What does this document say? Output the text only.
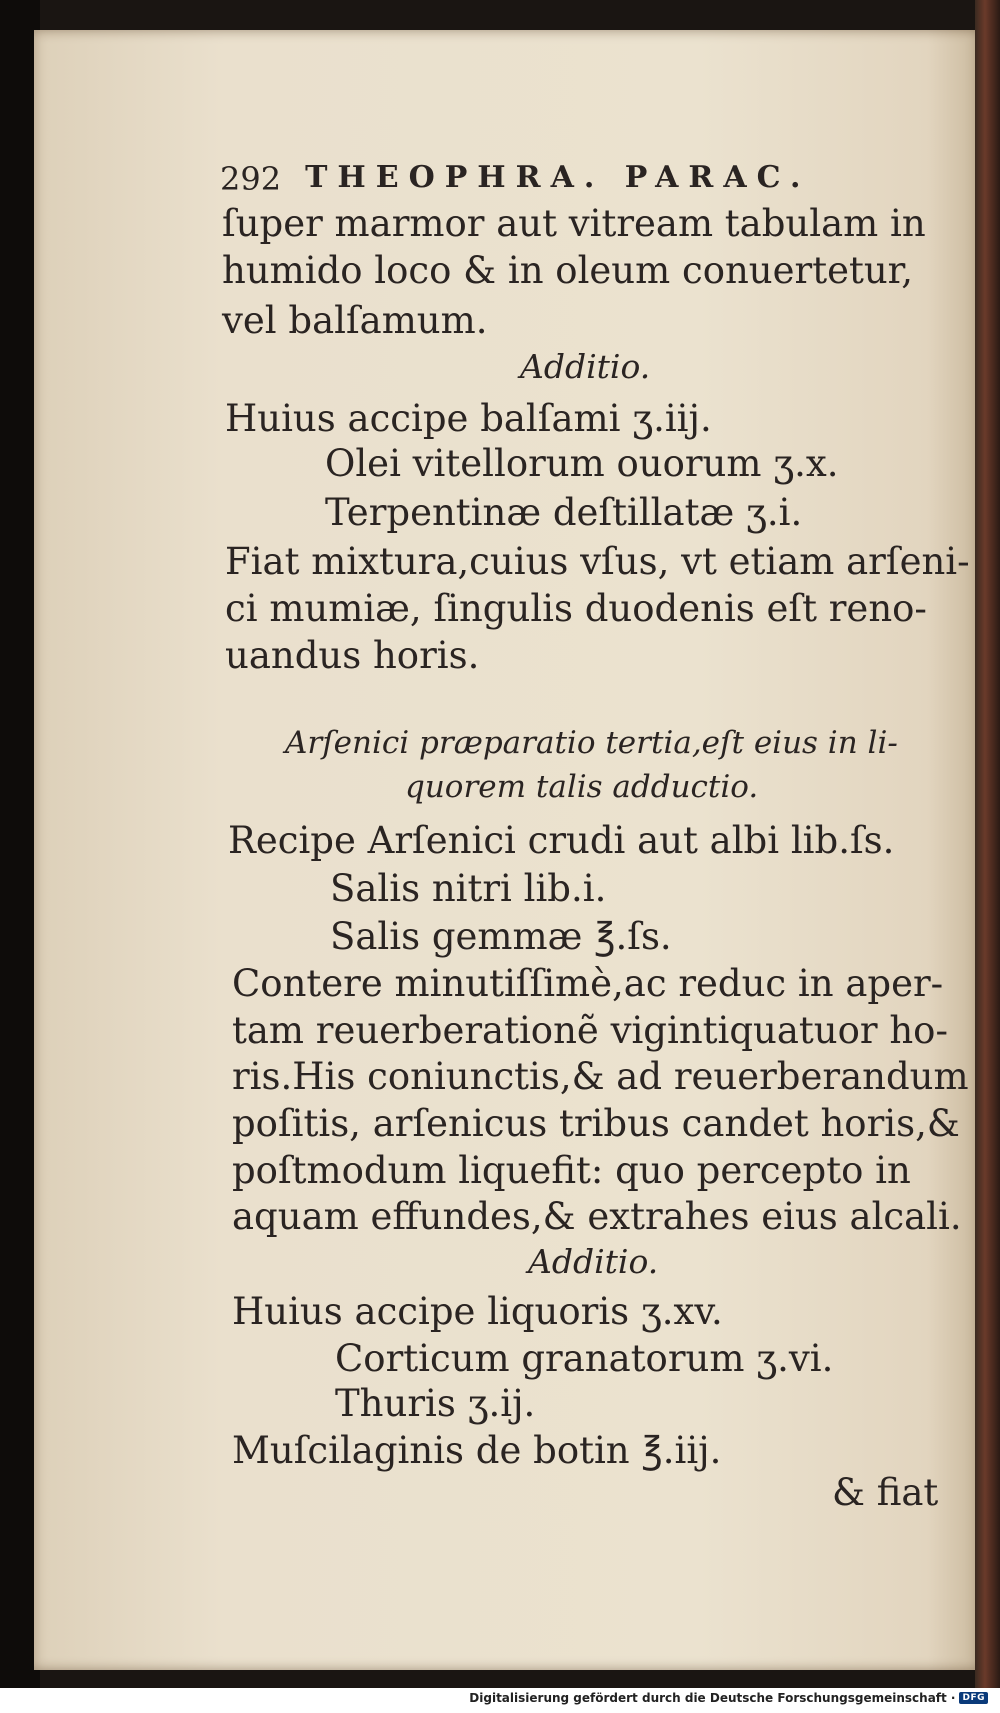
292 THEOPHRA. PARAC.
ſuper marmor aut vitream tabulam in
humido loco & in oleum conuertetur,
vel balſamum.
Additio.
Huius accipe balſami ʒ.iij.
Olei vitellorum ouorum ʒ.x.
Terpentinæ deſtillatæ ʒ.i.
Fiat mixtura,cuius vſus, vt etiam arſeni-
ci mumiæ, ſingulis duodenis eſt reno-
uandus horis.
Arſenici præparatio tertia,eſt eius in li-
quorem talis adductio.
Recipe Arſenici crudi aut albi lib.ſs.
Salis nitri lib.i.
Salis gemmæ ℥.ſs.
Contere minutiſſimè,ac reduc in aper-
tam reuerberationẽ vigintiquatuor ho-
ris.His coniunctis,& ad reuerberandum
poſitis, arſenicus tribus candet horis,&
poſtmodum liquefit: quo percepto in
aquam effundes,& extrahes eius alcali.
Additio.
Huius accipe liquoris ʒ.xv.
Corticum granatorum ʒ.vi.
Thuris ʒ.ij.
Muſcilaginis de botin ℥.iij.
& fiat
Digitalisierung gefördert durch die Deutsche Forschungsgemeinschaft · DFG
